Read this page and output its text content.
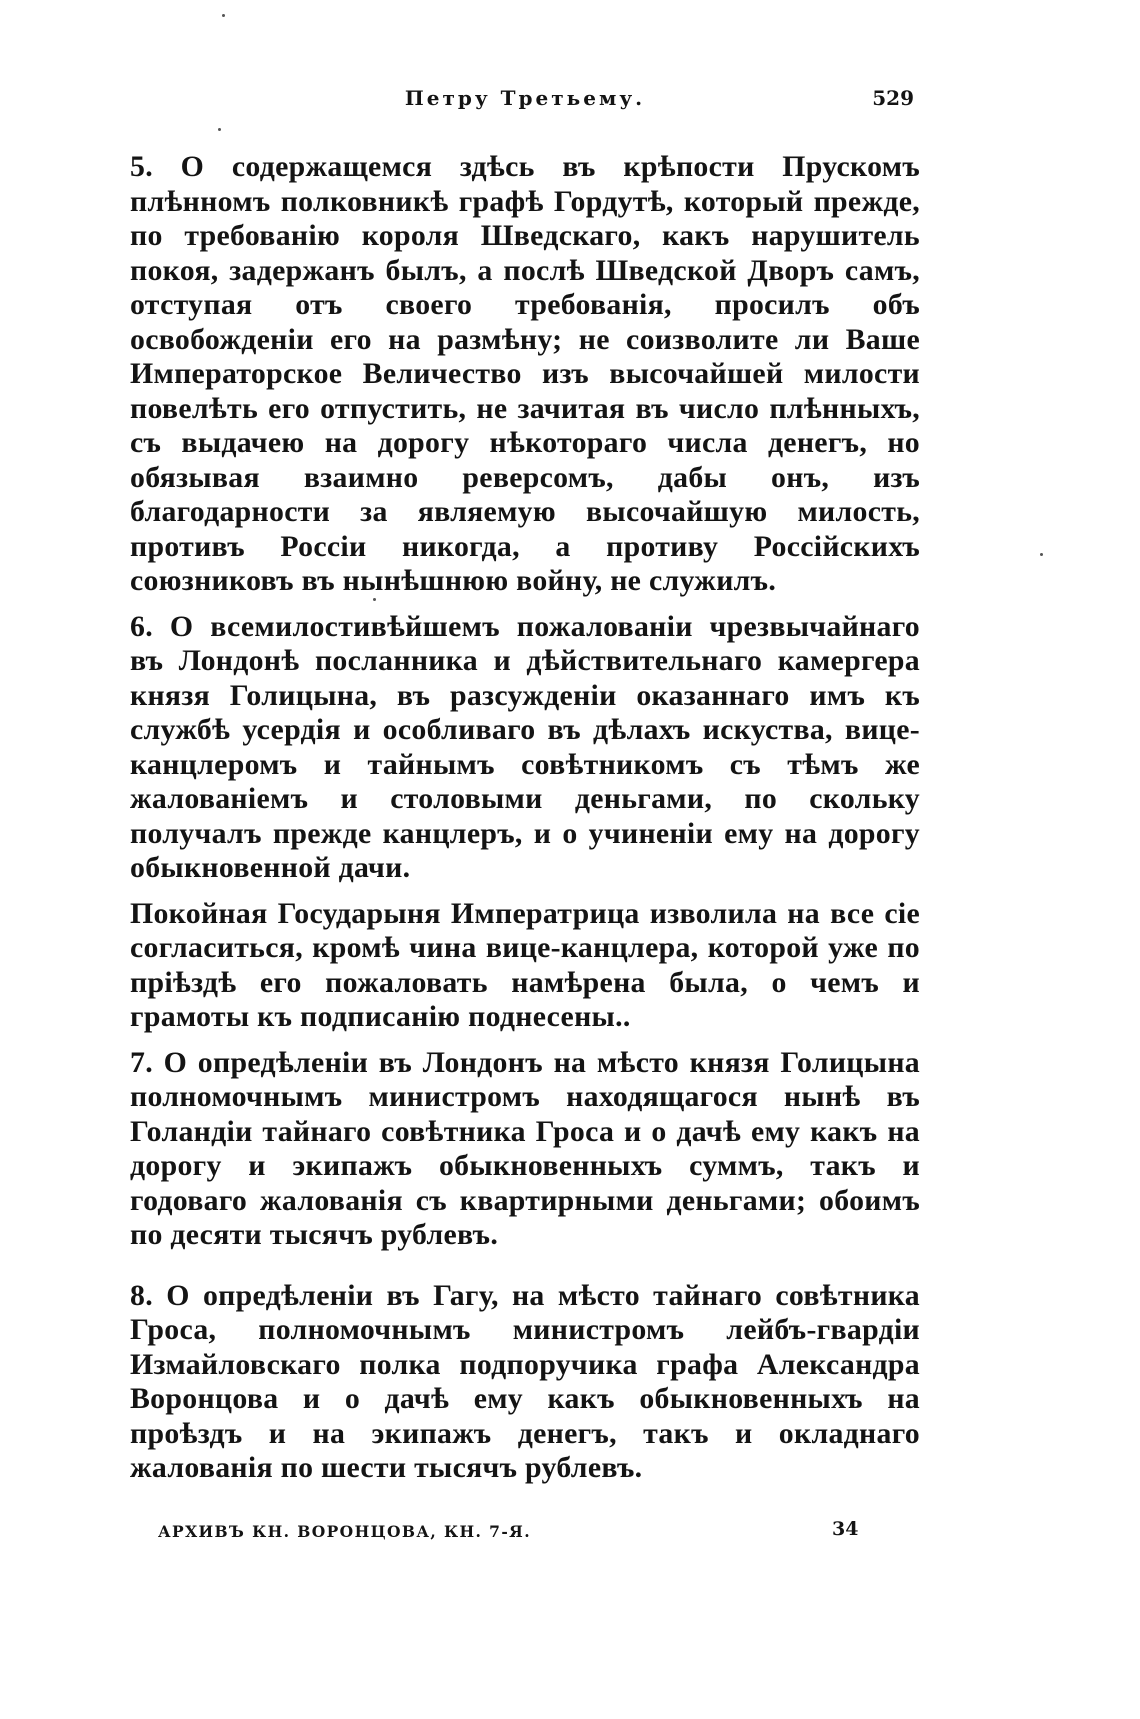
Петру Третьему.	529

5. О содержащемся здѣсь въ крѣпости Прускомъ плѣнномъ полковникѣ графѣ Гордутѣ, который прежде, по требованію короля Шведскаго, какъ нарушитель покоя, задержанъ былъ, а послѣ Шведской Дворъ самъ, отступая отъ своего требованія, просилъ объ освобожденіи его на размѣну; не соизволите ли Ваше Императорское Величество изъ высочайшей милости повелѣть его отпустить, не зачитая въ число плѣнныхъ, съ выдачею на дорогу нѣкотораго числа денегъ, но обязывая взаимно реверсомъ, дабы онъ, изъ благодарности за являемую высочайшую милость, противъ Россіи никогда, а противу Россійскихъ союзниковъ въ нынѣшнюю войну, не служилъ.

6. О всемилостивѣйшемъ пожалованіи чрезвычайнаго въ Лондонѣ посланника и дѣйствительнаго камергера князя Голицына, въ разсужденіи оказаннаго имъ къ службѣ усердія и особливаго въ дѣлахъ искуства, вице-канцлеромъ и тайнымъ совѣтникомъ съ тѣмъ же жалованіемъ и столовыми деньгами, по скольку получалъ прежде канцлеръ, и о учиненіи ему на дорогу обыкновенной дачи.

Покойная Государыня Императрица изволила на все сіе согласиться, кромѣ чина вице-канцлера, которой уже по пріѣздѣ его пожаловать намѣрена была, о чемъ и грамоты къ подписанію поднесены..

7. О опредѣленіи въ Лондонъ на мѣсто князя Голицына полномочнымъ министромъ находящагося нынѣ въ Голандіи тайнаго совѣтника Гроса и о дачѣ ему какъ на дорогу и экипажъ обыкновенныхъ суммъ, такъ и годоваго жалованія съ квартирными деньгами; обоимъ по десяти тысячъ рублевъ.

8. О опредѣленіи въ Гагу, на мѣсто тайнаго совѣтника Гроса, полномочнымъ министромъ лейбъ-гвардіи Измайловскаго полка подпоручика графа Александра Воронцова и о дачѣ ему какъ обыкновенныхъ на проѣздъ и на экипажъ денегъ, такъ и окладнаго жалованія по шести тысячъ рублевъ.

АРХИВЪ КН. ВОРОНЦОВА, КН. 7-Я.	34
